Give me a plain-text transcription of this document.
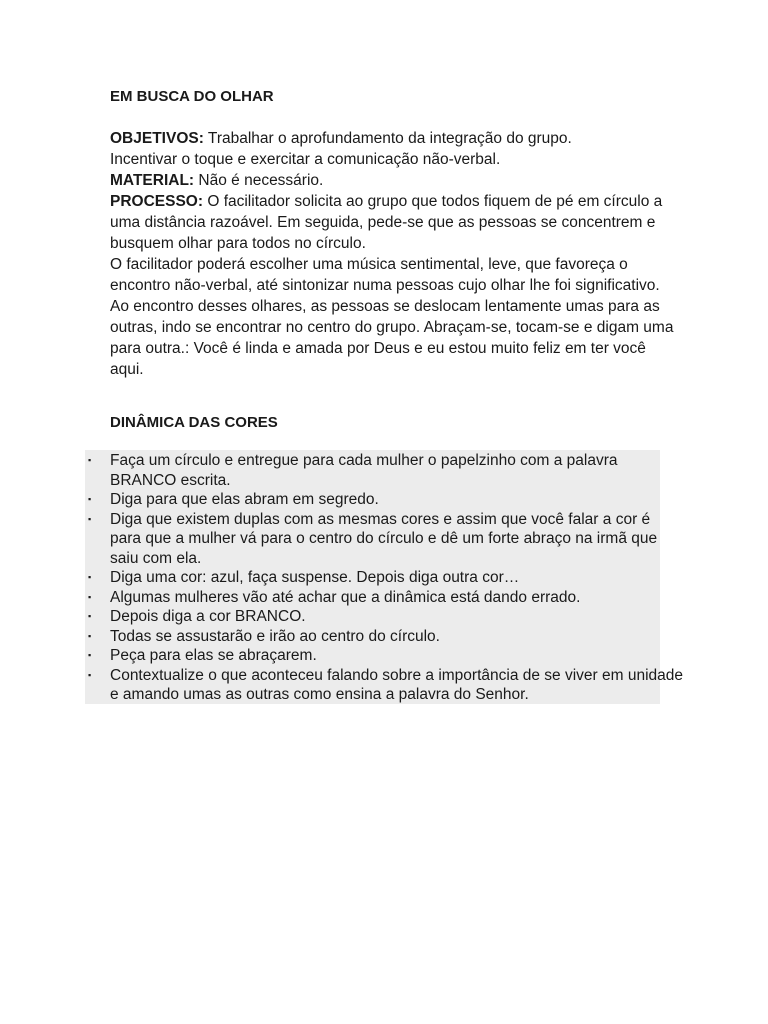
EM BUSCA DO OLHAR

OBJETIVOS: Trabalhar o aprofundamento da integração do grupo.

Incentivar o toque e exercitar a comunicação não-verbal.

MATERIAL: Não é necessário.

PROCESSO: O facilitador solicita ao grupo que todos fiquem de pé em círculo a

uma distância razoável. Em seguida, pede-se que as pessoas se concentrem e

busquem olhar para todos no círculo.

O facilitador poderá escolher uma música sentimental, leve, que favoreça o

encontro não-verbal, até sintonizar numa pessoas cujo olhar lhe foi significativo.

Ao encontro desses olhares, as pessoas se deslocam lentamente umas para as

outras, indo se encontrar no centro do grupo. Abraçam-se, tocam-se e digam uma

para outra.: Você é linda e amada por Deus e eu estou muito feliz em ter você

aqui.

DINÂMICA DAS CORES
▪ Faça um círculo e entregue para cada mulher o papelzinho com a palavra
BRANCO escrita.
▪ Diga para que elas abram em segredo.
▪ Diga que existem duplas com as mesmas cores e assim que você falar a cor é
para que a mulher vá para o centro do círculo e dê um forte abraço na irmã que
saiu com ela.
▪ Diga uma cor: azul, faça suspense. Depois diga outra cor…
▪ Algumas mulheres vão até achar que a dinâmica está dando errado.
▪ Depois diga a cor BRANCO.
▪ Todas se assustarão e irão ao centro do círculo.
▪ Peça para elas se abraçarem.
▪ Contextualize o que aconteceu falando sobre a importância de se viver em unidade
e amando umas as outras como ensina a palavra do Senhor.
